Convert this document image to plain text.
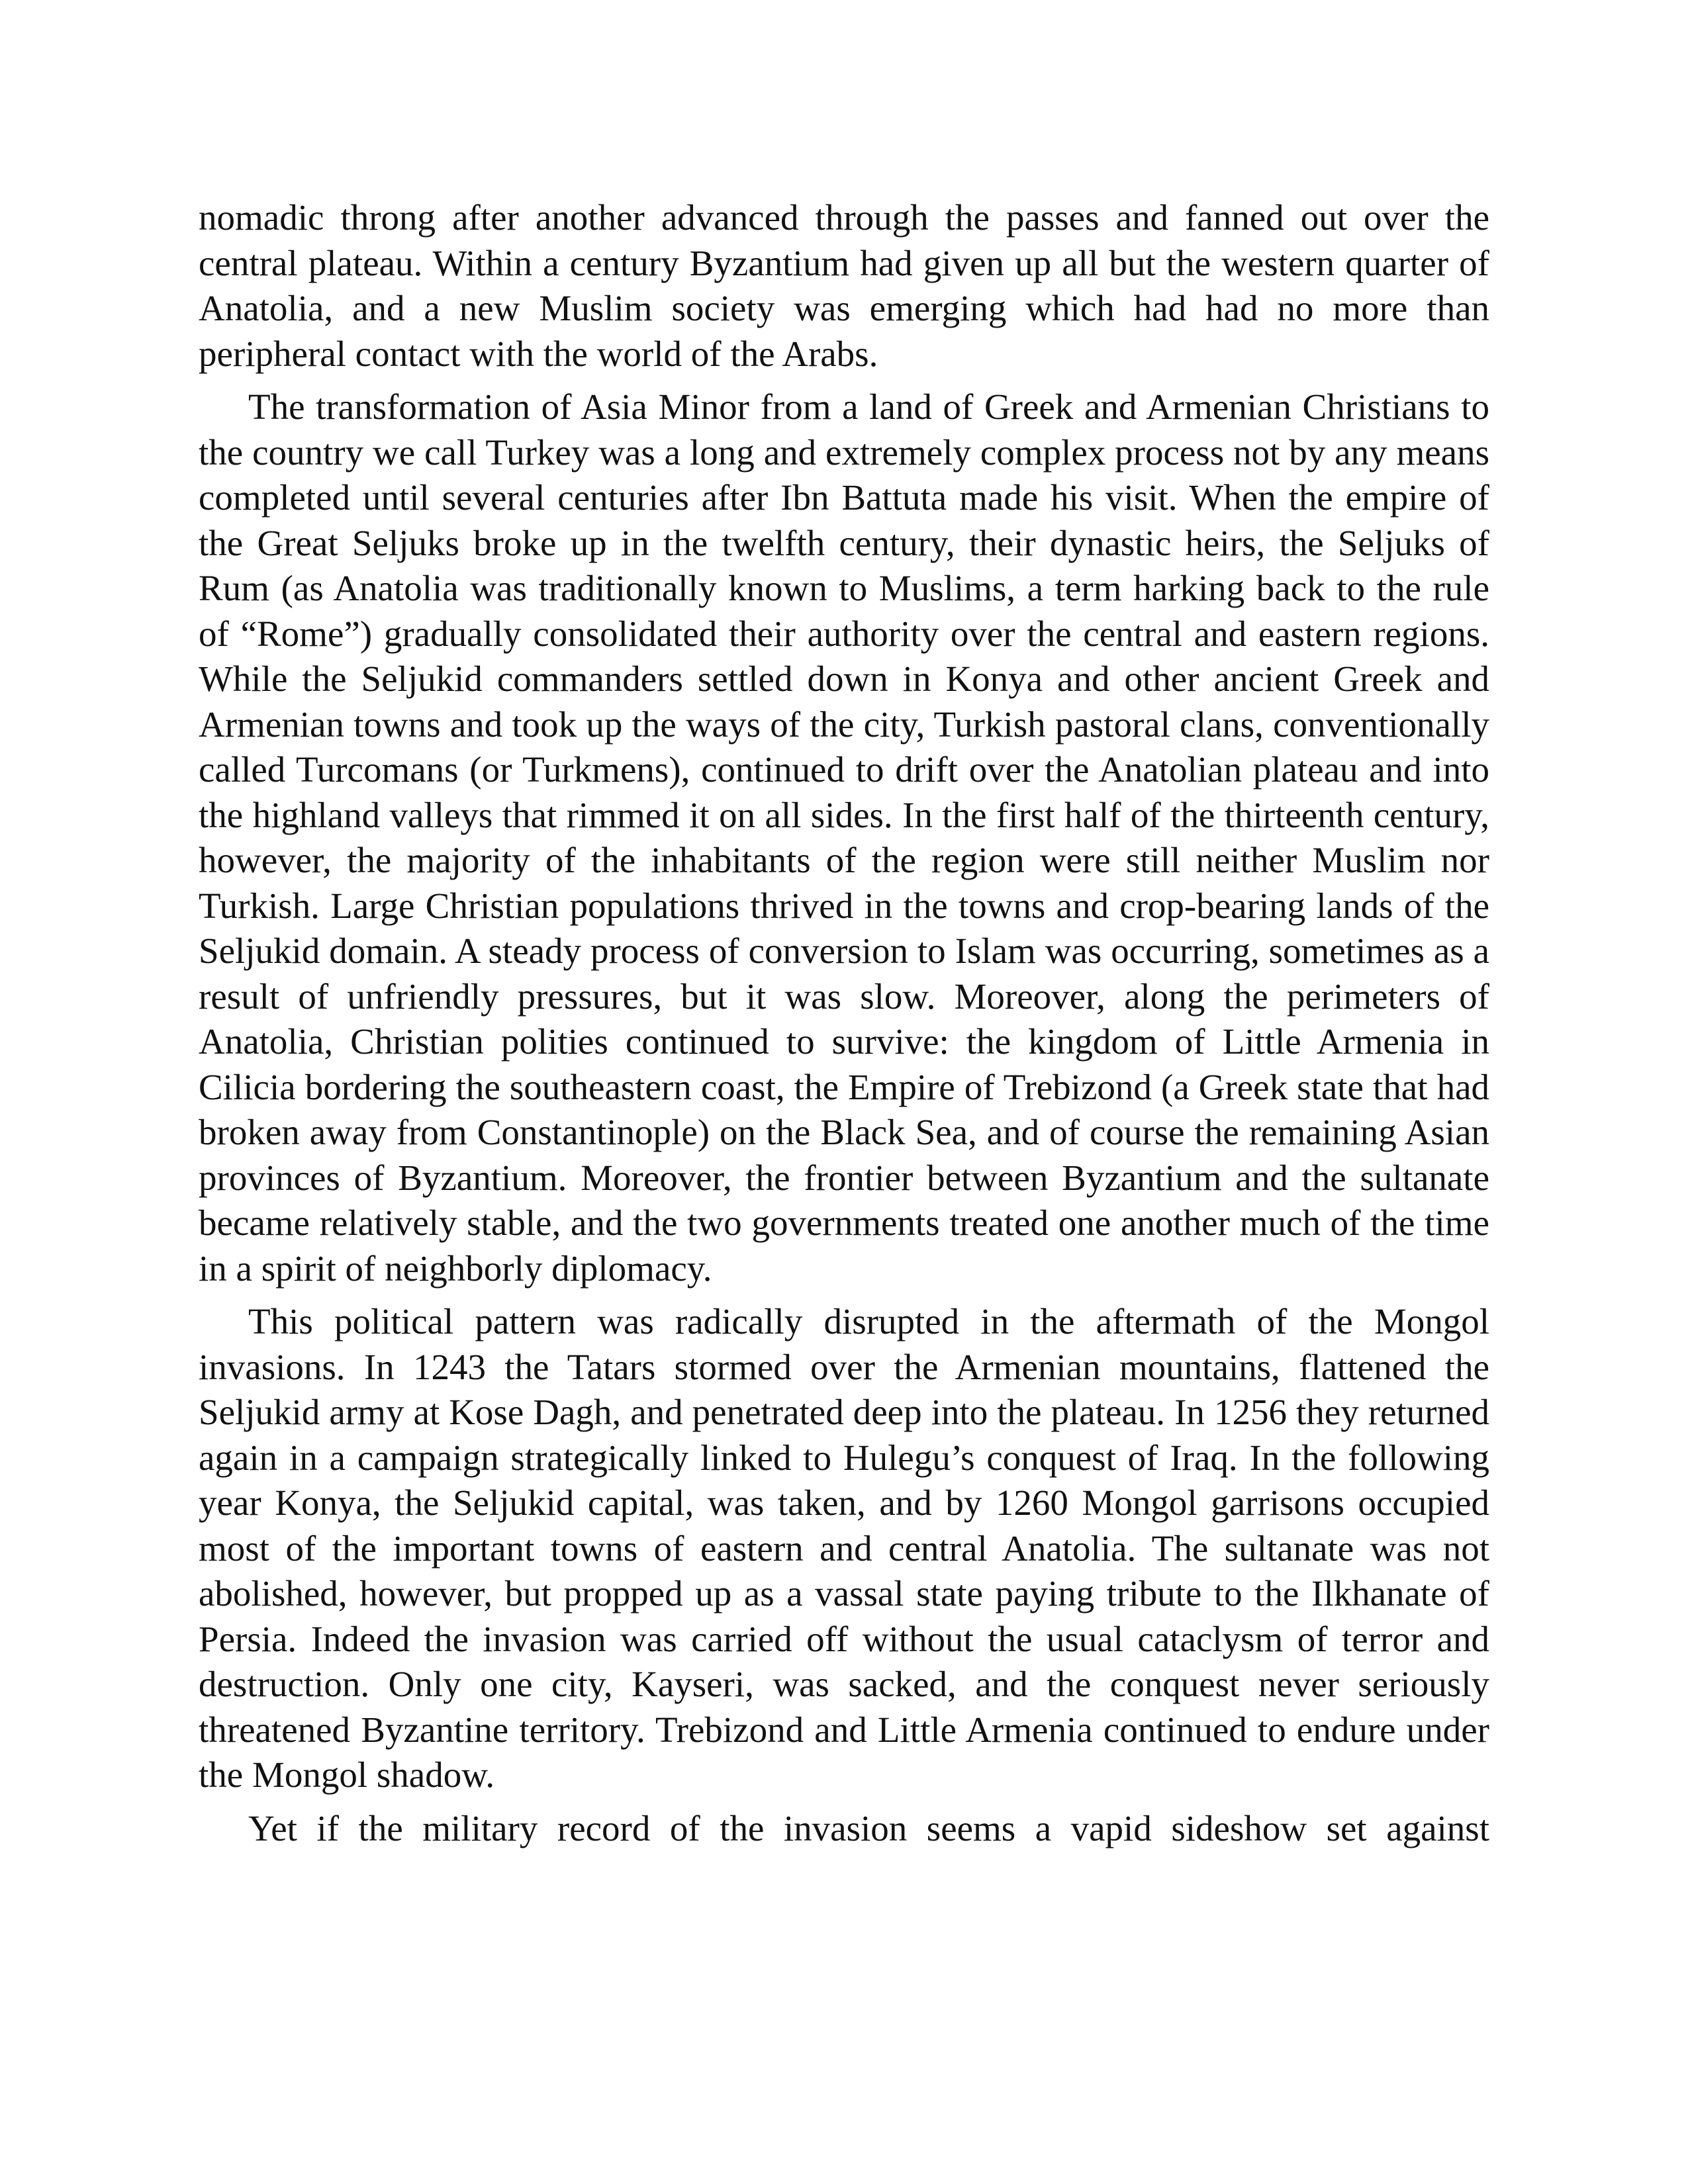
nomadic throng after another advanced through the passes and fanned out over the central plateau. Within a century Byzantium had given up all but the western quarter of Anatolia, and a new Muslim society was emerging which had had no more than peripheral contact with the world of the Arabs.

The transformation of Asia Minor from a land of Greek and Armenian Christians to the country we call Turkey was a long and extremely complex process not by any means completed until several centuries after Ibn Battuta made his visit. When the empire of the Great Seljuks broke up in the twelfth century, their dynastic heirs, the Seljuks of Rum (as Anatolia was traditionally known to Muslims, a term harking back to the rule of “Rome”) gradually consolidated their authority over the central and eastern regions. While the Seljukid commanders settled down in Konya and other ancient Greek and Armenian towns and took up the ways of the city, Turkish pastoral clans, conventionally called Turcomans (or Turkmens), continued to drift over the Anatolian plateau and into the highland valleys that rimmed it on all sides. In the first half of the thirteenth century, however, the majority of the inhabitants of the region were still neither Muslim nor Turkish. Large Christian populations thrived in the towns and crop-bearing lands of the Seljukid domain. A steady process of conversion to Islam was occurring, sometimes as a result of unfriendly pressures, but it was slow. Moreover, along the perimeters of Anatolia, Christian polities continued to survive: the kingdom of Little Armenia in Cilicia bordering the southeastern coast, the Empire of Trebizond (a Greek state that had broken away from Constantinople) on the Black Sea, and of course the remaining Asian provinces of Byzantium. Moreover, the frontier between Byzantium and the sultanate became relatively stable, and the two governments treated one another much of the time in a spirit of neighborly diplomacy.

This political pattern was radically disrupted in the aftermath of the Mongol invasions. In 1243 the Tatars stormed over the Armenian mountains, flattened the Seljukid army at Kose Dagh, and penetrated deep into the plateau. In 1256 they returned again in a campaign strategically linked to Hulegu’s conquest of Iraq. In the following year Konya, the Seljukid capital, was taken, and by 1260 Mongol garrisons occupied most of the important towns of eastern and central Anatolia. The sultanate was not abolished, however, but propped up as a vassal state paying tribute to the Ilkhanate of Persia. Indeed the invasion was carried off without the usual cataclysm of terror and destruction. Only one city, Kayseri, was sacked, and the conquest never seriously threatened Byzantine territory. Trebizond and Little Armenia continued to endure under the Mongol shadow.

Yet if the military record of the invasion seems a vapid sideshow set against
